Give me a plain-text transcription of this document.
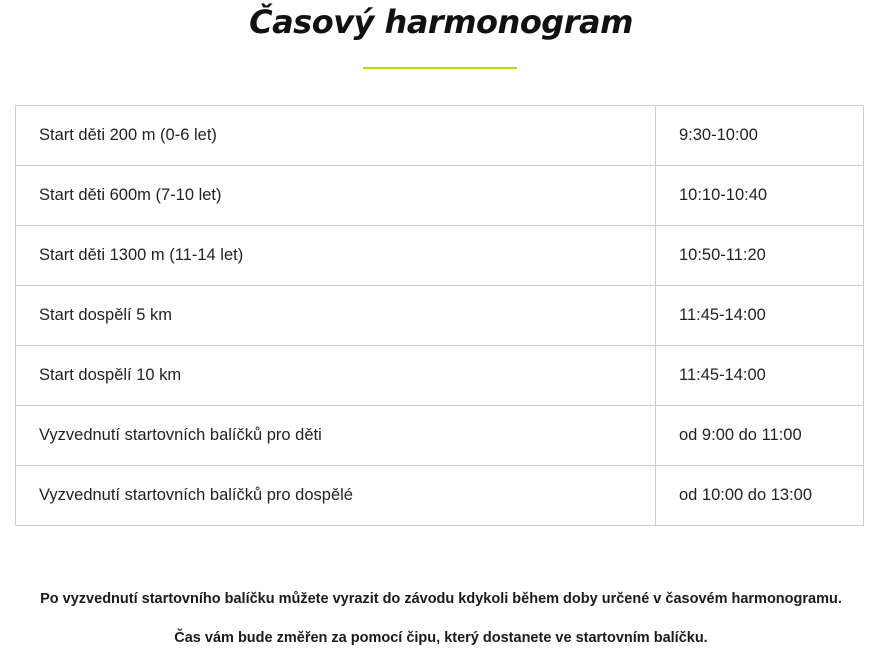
Časový harmonogram
Start děti 200 m (0-6 let)	9:30-10:00
Start děti 600m (7-10 let)	10:10-10:40
Start děti 1300 m (11-14 let)	10:50-11:20
Start dospělí 5 km	11:45-14:00
Start dospělí 10 km	11:45-14:00
Vyzvednutí startovních balíčků pro děti	od 9:00 do 11:00
Vyzvednutí startovních balíčků pro dospělé	od 10:00 do 13:00

Po vyzvednutí startovního balíčku můžete vyrazit do závodu kdykoli během doby určené v časovém harmonogramu.

Čas vám bude změřen za pomocí čipu, který dostanete ve startovním balíčku.
